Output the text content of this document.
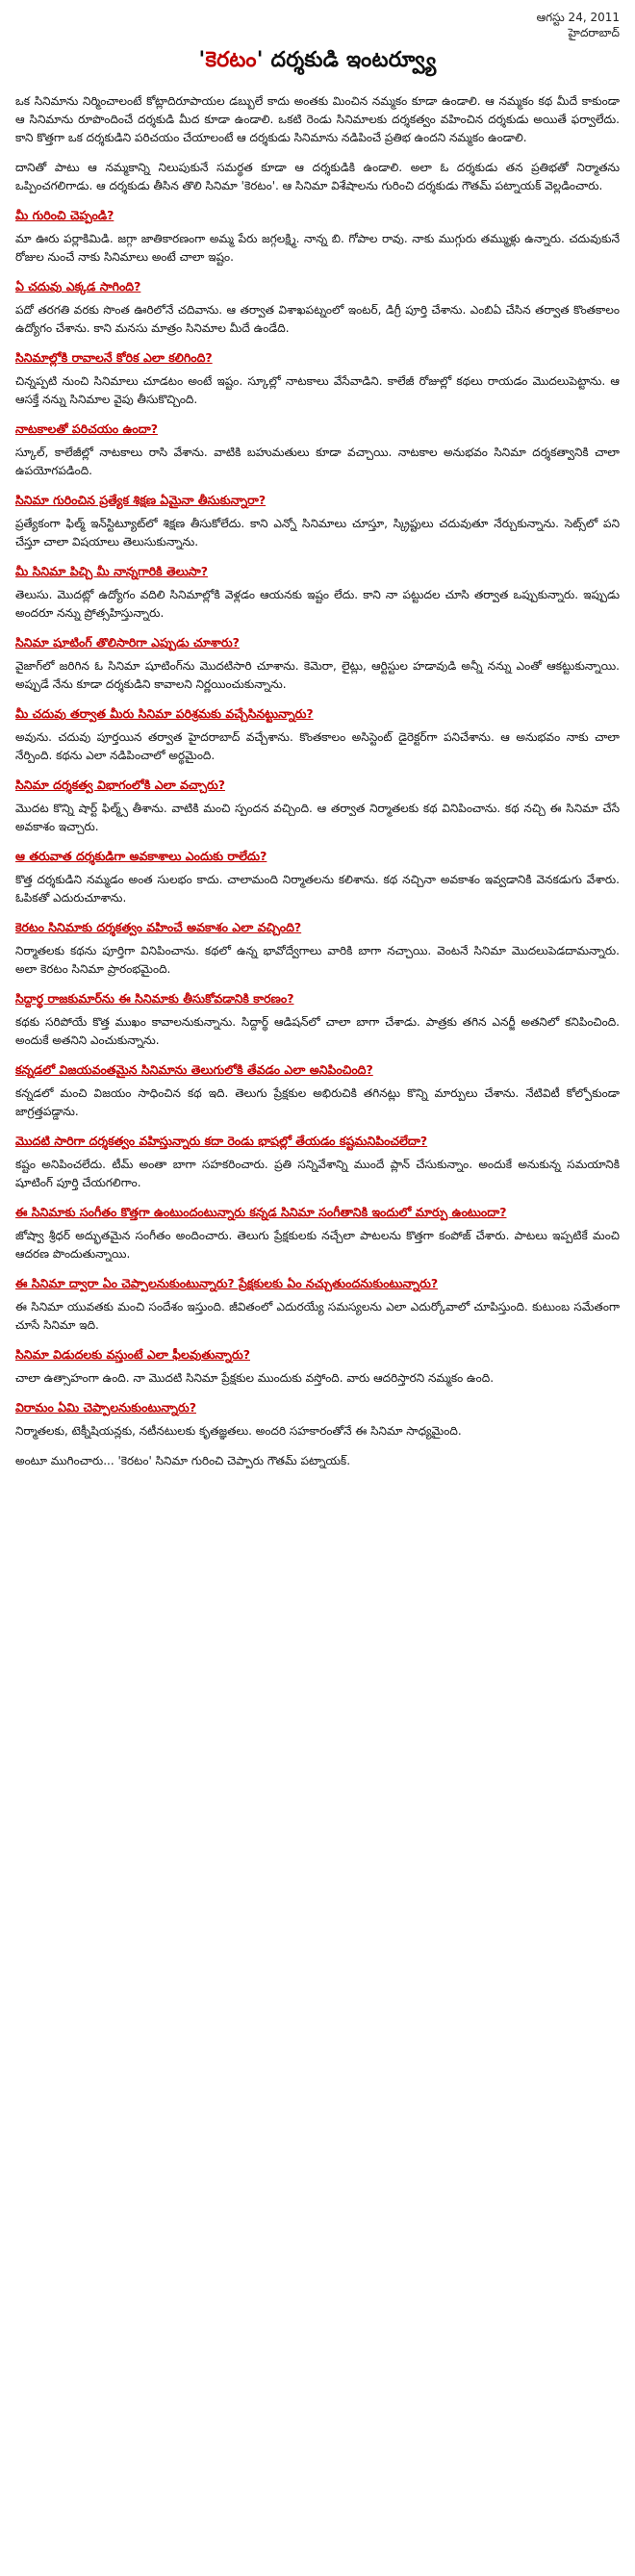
ఆగస్టు 24, 2011
హైదరాబాద్
'కెరటం' దర్శకుడి ఇంటర్వ్యూ

ఒక సినిమాను నిర్మించాలంటే కోట్లాదిరూపాయల డబ్బులే కాదు అంతకు మించిన నమ్మకం కూడా ఉండాలి. ఆ నమ్మకం కథ మీదే కాకుండా ఆ సినిమాను రూపొందించే దర్శకుడి మీద కూడా ఉండాలి. ఒకటి రెండు సినిమాలకు దర్శకత్వం వహించిన దర్శకుడు అయితే ఫర్వాలేదు. కాని కొత్తగా ఒక దర్శకుడిని పరిచయం చేయాలంటే ఆ దర్శకుడు సినిమాను నడిపించే ప్రతిభ ఉందని నమ్మకం ఉండాలి.

దానితో పాటు ఆ నమ్మకాన్ని నిలుపుకునే సమర్థత కూడా ఆ దర్శకుడికి ఉండాలి. అలా ఓ దర్శకుడు తన ప్రతిభతో నిర్మాతను ఒప్పించగలిగాడు. ఆ దర్శకుడు తీసిన తొలి సినిమా 'కెరటం'. ఆ సినిమా విశేషాలను గురించి దర్శకుడు గౌతమ్ పట్నాయక్ వెల్లడించారు.

మీ గురించి చెప్పండి?

మా ఊరు పర్లాకిమిడి. జగ్గా జాతికారణంగా అమ్మ పేరు జగ్గలక్ష్మి. నాన్న బి. గోపాల రావు. నాకు ముగ్గురు తమ్ముళ్లు ఉన్నారు. చదువుకునే రోజుల నుంచే నాకు సినిమాలు అంటే చాలా ఇష్టం.

ఏ చదువు ఎక్కడ సాగింది?

పదో తరగతి వరకు సొంత ఊరిలోనే చదివాను. ఆ తర్వాత విశాఖపట్నంలో ఇంటర్, డిగ్రీ పూర్తి చేశాను. ఎంబిఏ చేసిన తర్వాత కొంతకాలం ఉద్యోగం చేశాను. కాని మనసు మాత్రం సినిమాల మీదే ఉండేది.

సినిమాల్లోకి రావాలనే కోరిక ఎలా కలిగింది?

చిన్నప్పటి నుంచి సినిమాలు చూడటం అంటే ఇష్టం. స్కూల్లో నాటకాలు వేసేవాడిని. కాలేజీ రోజుల్లో కథలు రాయడం మొదలుపెట్టాను. ఆ ఆసక్తే నన్ను సినిమాల వైపు తీసుకొచ్చింది.

నాటకాలతో పరిచయం ఉందా?

స్కూల్, కాలేజీల్లో నాటకాలు రాసి వేశాను. వాటికి బహుమతులు కూడా వచ్చాయి. నాటకాల అనుభవం సినిమా దర్శకత్వానికి చాలా ఉపయోగపడింది.

సినిమా గురించిన ప్రత్యేక శిక్షణ ఏమైనా తీసుకున్నారా?

ప్రత్యేకంగా ఫిల్మ్ ఇన్‌స్టిట్యూట్‌లో శిక్షణ తీసుకోలేదు. కాని ఎన్నో సినిమాలు చూస్తూ, స్క్రిప్టులు చదువుతూ నేర్చుకున్నాను. సెట్స్‌లో పని చేస్తూ చాలా విషయాలు తెలుసుకున్నాను.

మీ సినిమా పిచ్చి మీ నాన్నగారికి తెలుసా?

తెలుసు. మొదట్లో ఉద్యోగం వదిలి సినిమాల్లోకి వెళ్లడం ఆయనకు ఇష్టం లేదు. కాని నా పట్టుదల చూసి తర్వాత ఒప్పుకున్నారు. ఇప్పుడు అందరూ నన్ను ప్రోత్సహిస్తున్నారు.

సినిమా షూటింగ్‌ తొలిసారిగా ఎప్పుడు చూశారు?

వైజాగ్‌లో జరిగిన ఓ సినిమా షూటింగ్‌ను మొదటిసారి చూశాను. కెమెరా, లైట్లు, ఆర్టిస్టుల హడావుడి అన్నీ నన్ను ఎంతో ఆకట్టుకున్నాయి. అప్పుడే నేను కూడా దర్శకుడిని కావాలని నిర్ణయించుకున్నాను.

మీ చదువు తర్వాత మీరు సినిమా పరిశ్రమకు వచ్చేసినట్టున్నారు?

అవును. చదువు పూర్తయిన తర్వాత హైదరాబాద్ వచ్చేశాను. కొంతకాలం అసిస్టెంట్ డైరెక్టర్‌గా పనిచేశాను. ఆ అనుభవం నాకు చాలా నేర్పింది. కథను ఎలా నడిపించాలో అర్థమైంది.

సినిమా దర్శకత్వ విభాగంలోకి ఎలా వచ్చారు?

మొదట కొన్ని షార్ట్ ఫిల్మ్స్ తీశాను. వాటికి మంచి స్పందన వచ్చింది. ఆ తర్వాత నిర్మాతలకు కథ వినిపించాను. కథ నచ్చి ఈ సినిమా చేసే అవకాశం ఇచ్చారు.

ఆ తరువాత దర్శకుడిగా అవకాశాలు ఎందుకు రాలేదు?

కొత్త దర్శకుడిని నమ్మడం అంత సులభం కాదు. చాలామంది నిర్మాతలను కలిశాను. కథ నచ్చినా అవకాశం ఇవ్వడానికి వెనకడుగు వేశారు. ఓపికతో ఎదురుచూశాను.

కెరటం సినిమాకు దర్శకత్వం వహించే అవకాశం ఎలా వచ్చింది?

నిర్మాతలకు కథను పూర్తిగా వినిపించాను. కథలో ఉన్న భావోద్వేగాలు వారికి బాగా నచ్చాయి. వెంటనే సినిమా మొదలుపెడదామన్నారు. అలా కెరటం సినిమా ప్రారంభమైంది.

సిద్దార్థ రాజకుమార్‌ను ఈ సినిమాకు తీసుకోవడానికి కారణం?

కథకు సరిపోయే కొత్త ముఖం కావాలనుకున్నాను. సిద్దార్థ్ ఆడిషన్‌లో చాలా బాగా చేశాడు. పాత్రకు తగిన ఎనర్జీ అతనిలో కనిపించింది. అందుకే అతనిని ఎంచుకున్నాను.

కన్నడలో విజయవంతమైన సినిమాను తెలుగులోకి తేవడం ఎలా అనిపించింది?

కన్నడలో మంచి విజయం సాధించిన కథ ఇది. తెలుగు ప్రేక్షకుల అభిరుచికి తగినట్లు కొన్ని మార్పులు చేశాను. నేటివిటీ కోల్పోకుండా జాగ్రత్తపడ్డాను.

మొదటి సారిగా దర్శకత్వం వహిస్తున్నారు కదా రెండు భాషల్లో తేయడం కష్టమనిపించలేదా?

కష్టం అనిపించలేదు. టీమ్ అంతా బాగా సహకరించారు. ప్రతి సన్నివేశాన్ని ముందే ప్లాన్ చేసుకున్నాం. అందుకే అనుకున్న సమయానికి షూటింగ్ పూర్తి చేయగలిగాం.

ఈ సినిమాకు సంగీతం కొత్తగా ఉంటుందంటున్నారు కన్నడ సినిమా సంగీతానికి ఇందులో మార్పు ఉంటుందా?

జోష్వా శ్రీధర్ అద్భుతమైన సంగీతం అందించారు. తెలుగు ప్రేక్షకులకు నచ్చేలా పాటలను కొత్తగా కంపోజ్ చేశారు. పాటలు ఇప్పటికే మంచి ఆదరణ పొందుతున్నాయి.

ఈ సినిమా ద్వారా ఏం చెప్పాలనుకుంటున్నారు? ప్రేక్షకులకు ఏం నచ్చుతుందనుకుంటున్నారు?

ఈ సినిమా యువతకు మంచి సందేశం ఇస్తుంది. జీవితంలో ఎదురయ్యే సమస్యలను ఎలా ఎదుర్కోవాలో చూపిస్తుంది. కుటుంబ సమేతంగా చూసే సినిమా ఇది.

సినిమా విడుదలకు వస్తుంటే ఎలా ఫీలవుతున్నారు?

చాలా ఉత్సాహంగా ఉంది. నా మొదటి సినిమా ప్రేక్షకుల ముందుకు వస్తోంది. వారు ఆదరిస్తారని నమ్మకం ఉంది.

విరామం ఏమి చెప్పాలనుకుంటున్నారు?

నిర్మాతలకు, టెక్నీషియన్లకు, నటీనటులకు కృతజ్ఞతలు. అందరి సహకారంతోనే ఈ సినిమా సాధ్యమైంది.

అంటూ ముగించారు... 'కెరటం' సినిమా గురించి చెప్పారు గౌతమ్ పట్నాయక్.
